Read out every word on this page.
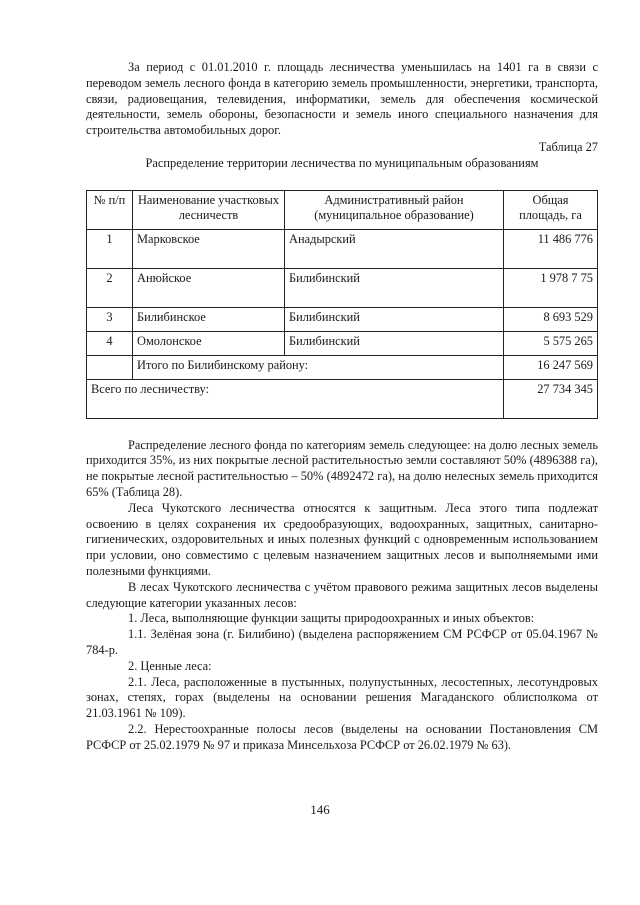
За период с 01.01.2010 г. площадь лесничества уменьшилась на 1401 га в связи с переводом земель лесного фонда в категорию земель промышленности, энергетики, транспорта, связи, радиовещания, телевидения, информатики, земель для обеспечения космической деятельности, земель обороны, безопасности и земель иного специального назначения для строительства автомобильных дорог.

Таблица 27

Распределение территории лесничества по муниципальным образованиям

№ п/п	Наименование участковых лесничеств	Административный район (муниципальное образование)	Общая площадь, га
1	Марковское	Анадырский	11 486 776
2	Анюйское	Билибинский	1 978 7 75
3	Билибинское	Билибинский	8 693 529
4	Омолонское	Билибинский	5 575 265
	Итого по Билибинскому району:		16 247 569
Всего по лесничеству:			27 734 345

Распределение лесного фонда по категориям земель следующее: на долю лесных земель приходится 35%, из них покрытые лесной растительностью земли составляют 50% (4896388 га), не покрытые лесной растительностью – 50% (4892472 га), на долю нелесных земель приходится 65% (Таблица 28).

Леса Чукотского лесничества относятся к защитным. Леса этого типа подлежат освоению в целях сохранения их средообразующих, водоохранных, защитных, санитарно-гигиенических, оздоровительных и иных полезных функций с одновременным использованием при условии, оно совместимо с целевым назначением защитных лесов и выполняемыми ими полезными функциями.

В лесах Чукотского лесничества с учётом правового режима защитных лесов выделены следующие категории указанных лесов:

1. Леса, выполняющие функции защиты природоохранных и иных объектов:

1.1. Зелёная зона (г. Билибино) (выделена распоряжением СМ РСФСР от 05.04.1967 № 784-р.

2. Ценные леса:

2.1. Леса, расположенные в пустынных, полупустынных, лесостепных, лесотундровых зонах, степях, горах (выделены на основании решения Магаданского облисполкома от 21.03.1961 № 109).

2.2. Нерестоохранные полосы лесов (выделены на основании Постановления СМ РСФСР от 25.02.1979 № 97 и приказа Минсельхоза РСФСР от 26.02.1979 № 63).

146
